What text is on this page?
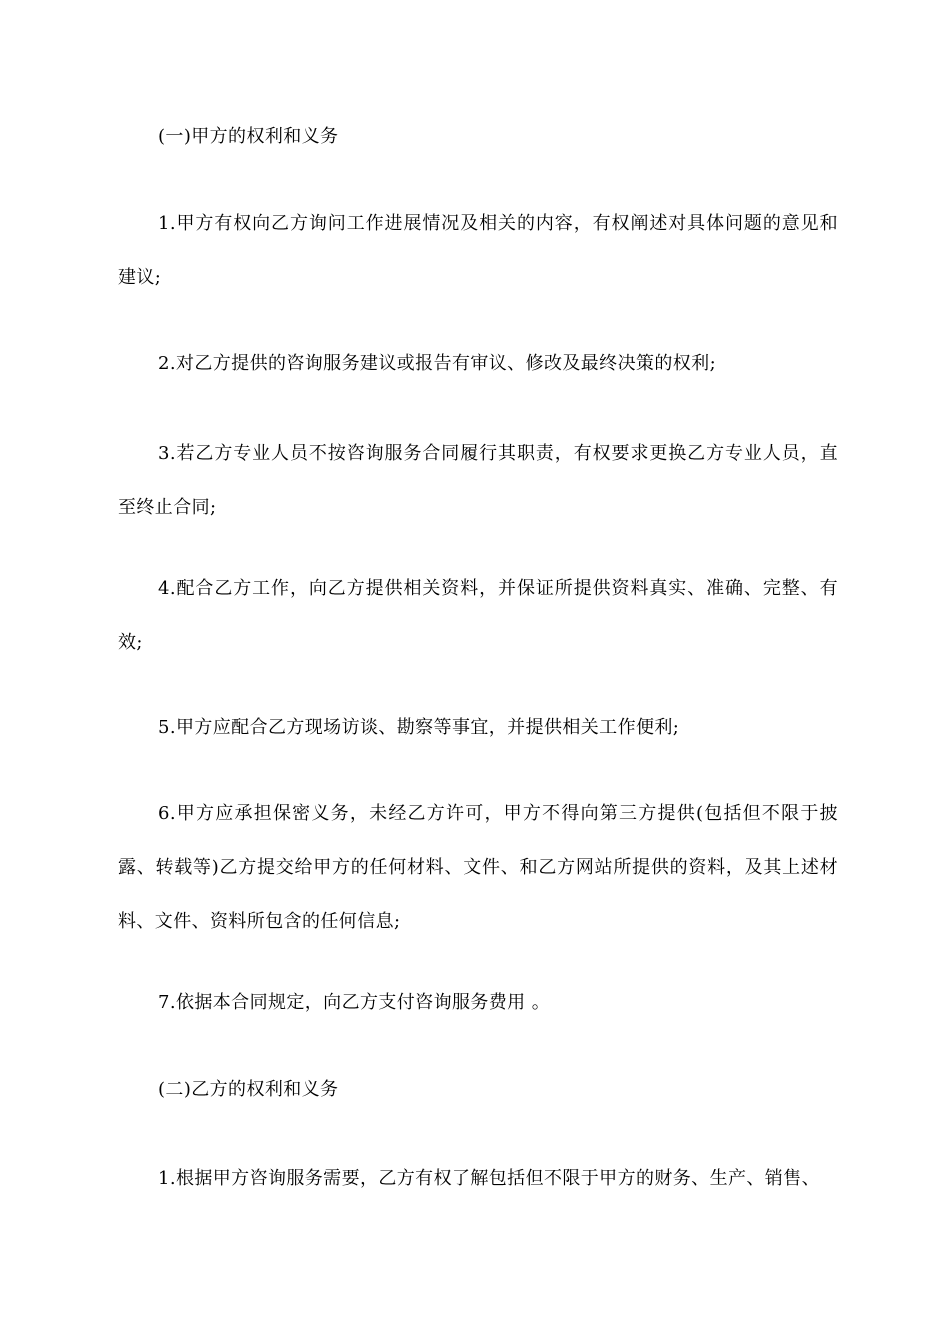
(一)甲方的权利和义务

1.甲方有权向乙方询问工作进展情况及相关的内容，有权阐述对具体问题的意见和建议;

2.对乙方提供的咨询服务建议或报告有审议、修改及最终决策的权利;

3.若乙方专业人员不按咨询服务合同履行其职责，有权要求更换乙方专业人员，直至终止合同;

4.配合乙方工作，向乙方提供相关资料，并保证所提供资料真实、准确、完整、有效;

5.甲方应配合乙方现场访谈、勘察等事宜，并提供相关工作便利;

6.甲方应承担保密义务，未经乙方许可，甲方不得向第三方提供(包括但不限于披露、转载等)乙方提交给甲方的任何材料、文件、和乙方网站所提供的资料，及其上述材料、文件、资料所包含的任何信息;

7.依据本合同规定，向乙方支付咨询服务费用 。

(二)乙方的权利和义务

1.根据甲方咨询服务需要，乙方有权了解包括但不限于甲方的财务、生产、销售、
